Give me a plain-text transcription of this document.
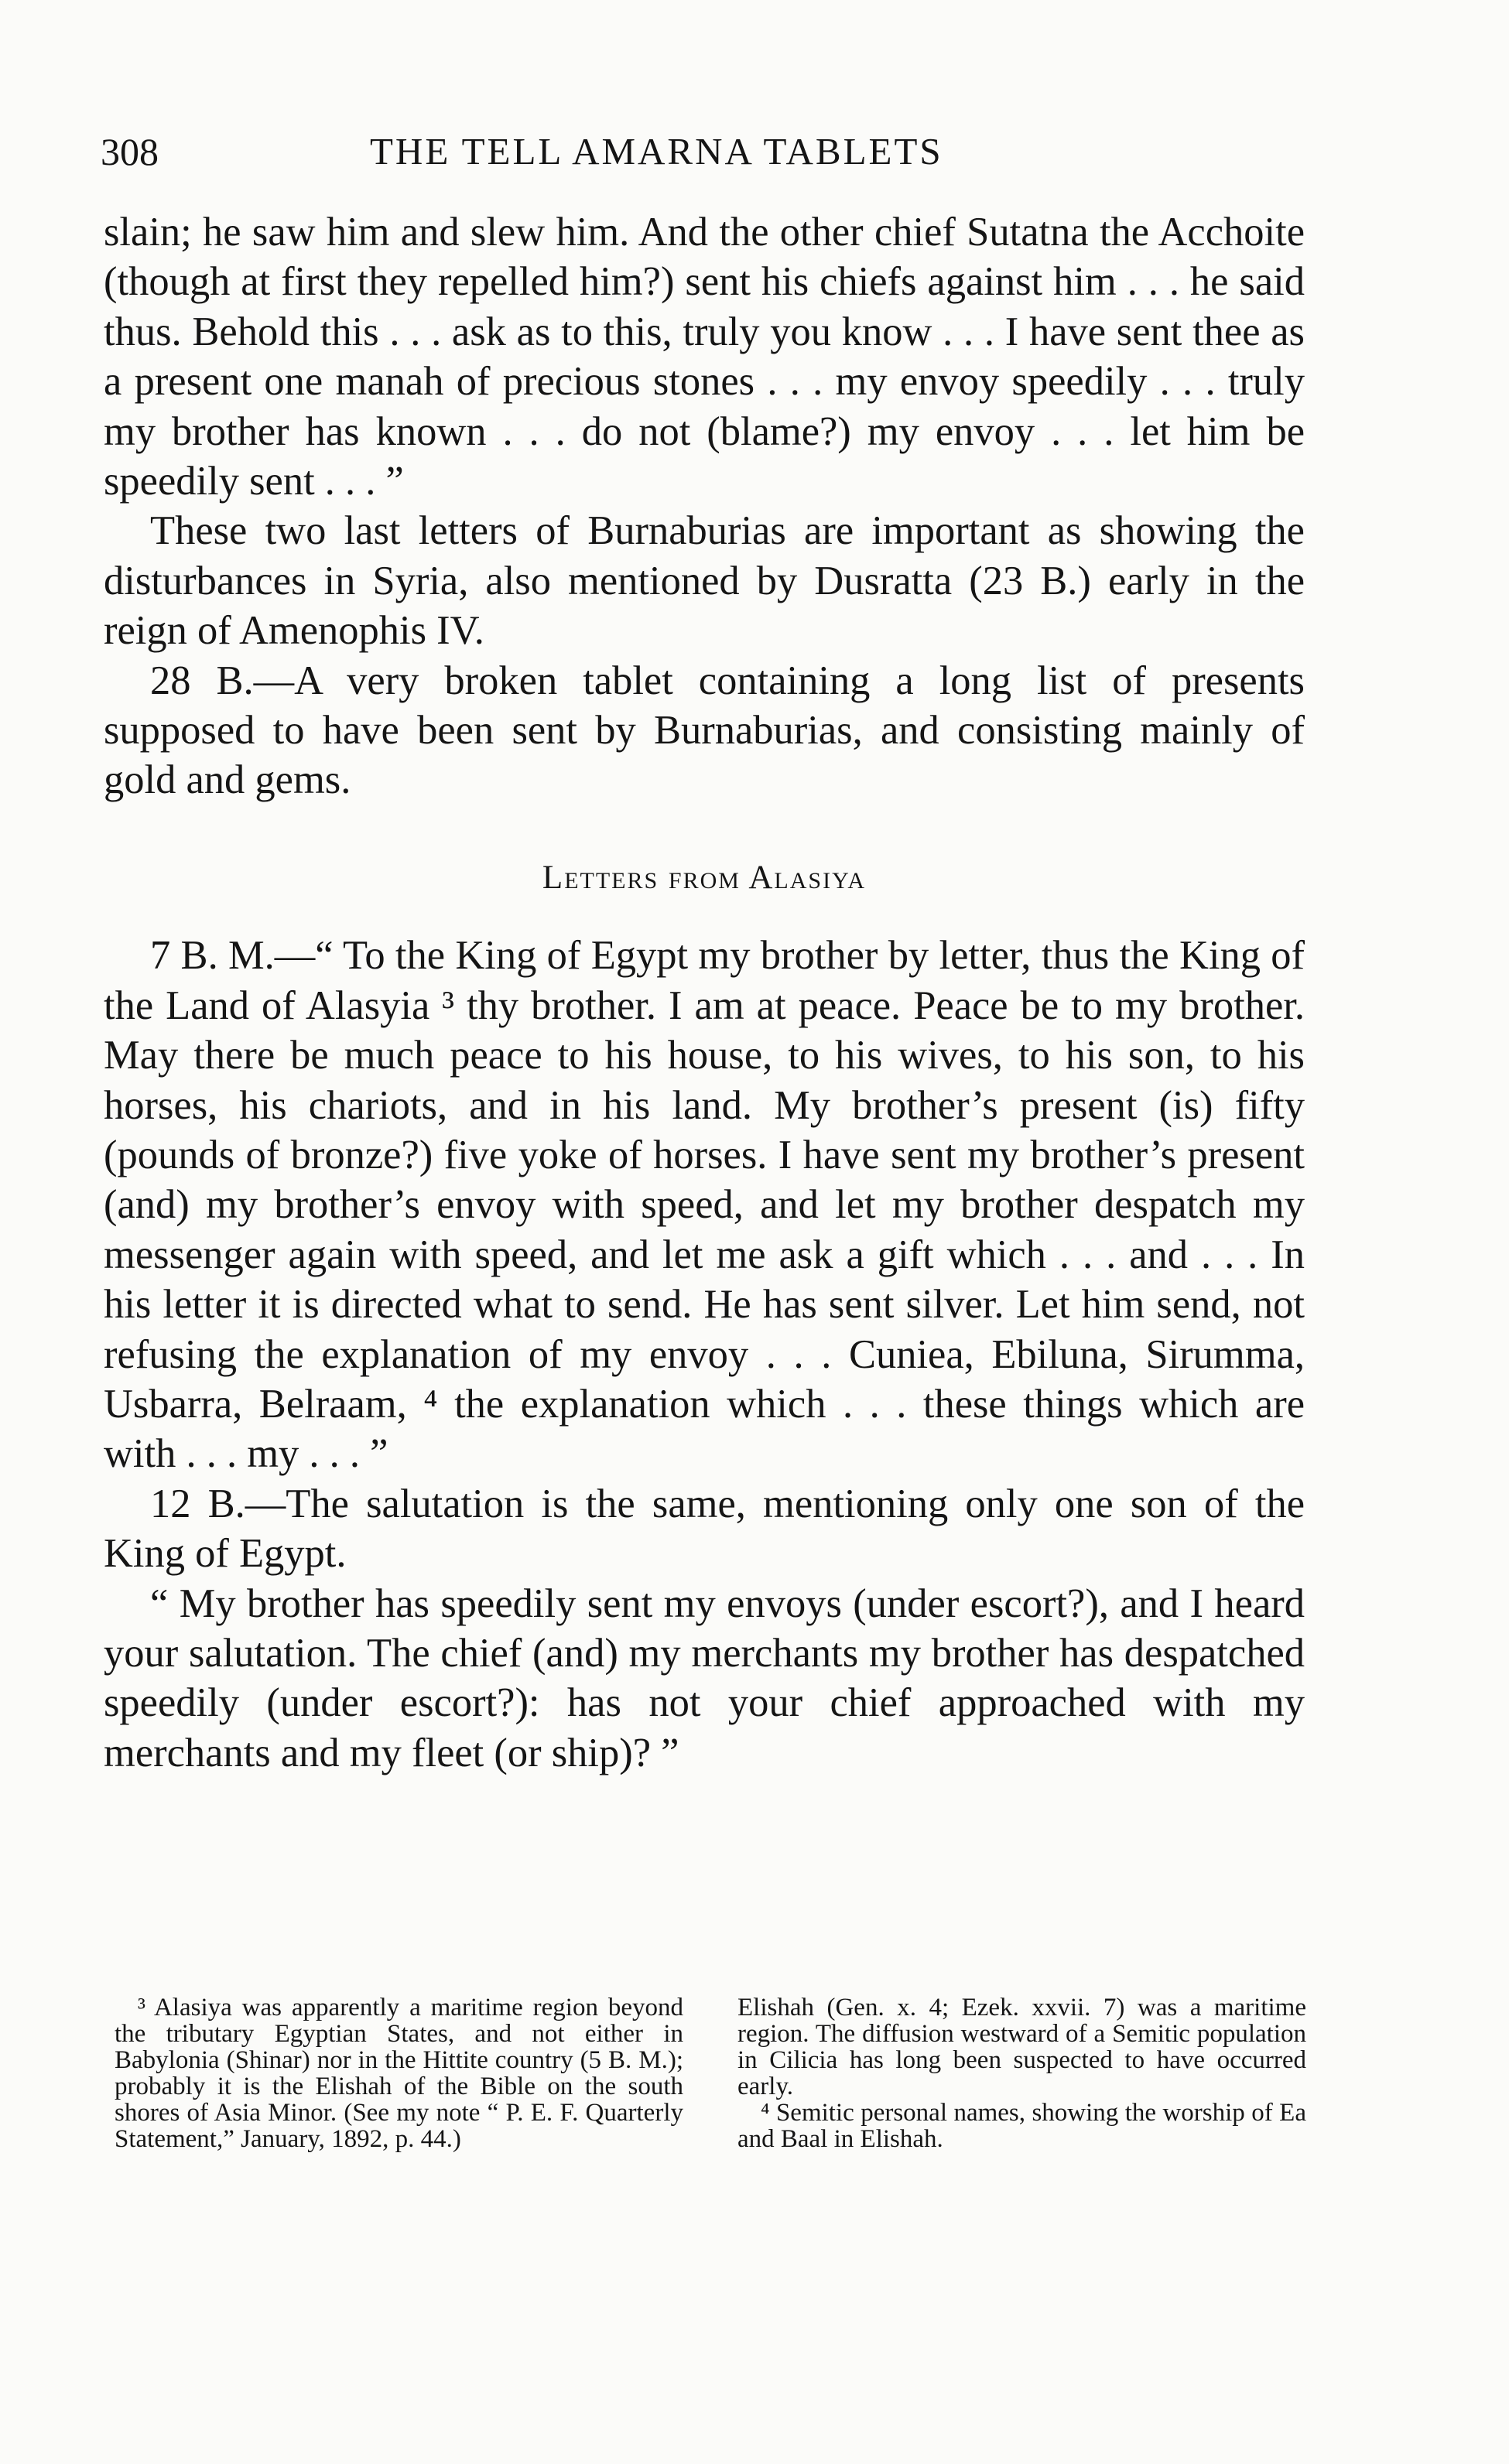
308	THE TELL AMARNA TABLETS

slain; he saw him and slew him. And the other chief Sutatna the Acchoite (though at first they repelled him?) sent his chiefs against him . . . he said thus. Behold this . . . ask as to this, truly you know . . . I have sent thee as a present one manah of precious stones . . . my envoy speedily . . . truly my brother has known . . . do not (blame?) my envoy . . . let him be speedily sent . . . ”

These two last letters of Burnaburias are important as showing the disturbances in Syria, also mentioned by Dusratta (23 B.) early in the reign of Amenophis IV.

28 B.—A very broken tablet containing a long list of presents supposed to have been sent by Burnaburias, and consisting mainly of gold and gems.

Letters from Alasiya

7 B. M.—“ To the King of Egypt my brother by letter, thus the King of the Land of Alasyia ³ thy brother. I am at peace. Peace be to my brother. May there be much peace to his house, to his wives, to his son, to his horses, his chariots, and in his land. My brother’s present (is) fifty (pounds of bronze?) five yoke of horses. I have sent my brother’s present (and) my brother’s envoy with speed, and let my brother despatch my messenger again with speed, and let me ask a gift which . . . and . . . In his letter it is directed what to send. He has sent silver. Let him send, not refusing the explanation of my envoy . . . Cuniea, Ebiluna, Sirumma, Usbarra, Belraam, ⁴ the explanation which . . . these things which are with . . . my . . . ”

12 B.—The salutation is the same, mentioning only one son of the King of Egypt.

“ My brother has speedily sent my envoys (under escort?), and I heard your salutation. The chief (and) my merchants my brother has despatched speedily (under escort?): has not your chief approached with my merchants and my fleet (or ship)? ”

³ Alasiya was apparently a maritime region beyond the tributary Egyptian States, and not either in Babylonia (Shinar) nor in the Hittite country (5 B. M.); probably it is the Elishah of the Bible on the south shores of Asia Minor. (See my note “ P. E. F. Quarterly Statement,” January, 1892, p. 44.)

Elishah (Gen. x. 4; Ezek. xxvii. 7) was a maritime region. The diffusion westward of a Semitic population in Cilicia has long been suspected to have occurred early.

⁴ Semitic personal names, showing the worship of Ea and Baal in Elishah.
